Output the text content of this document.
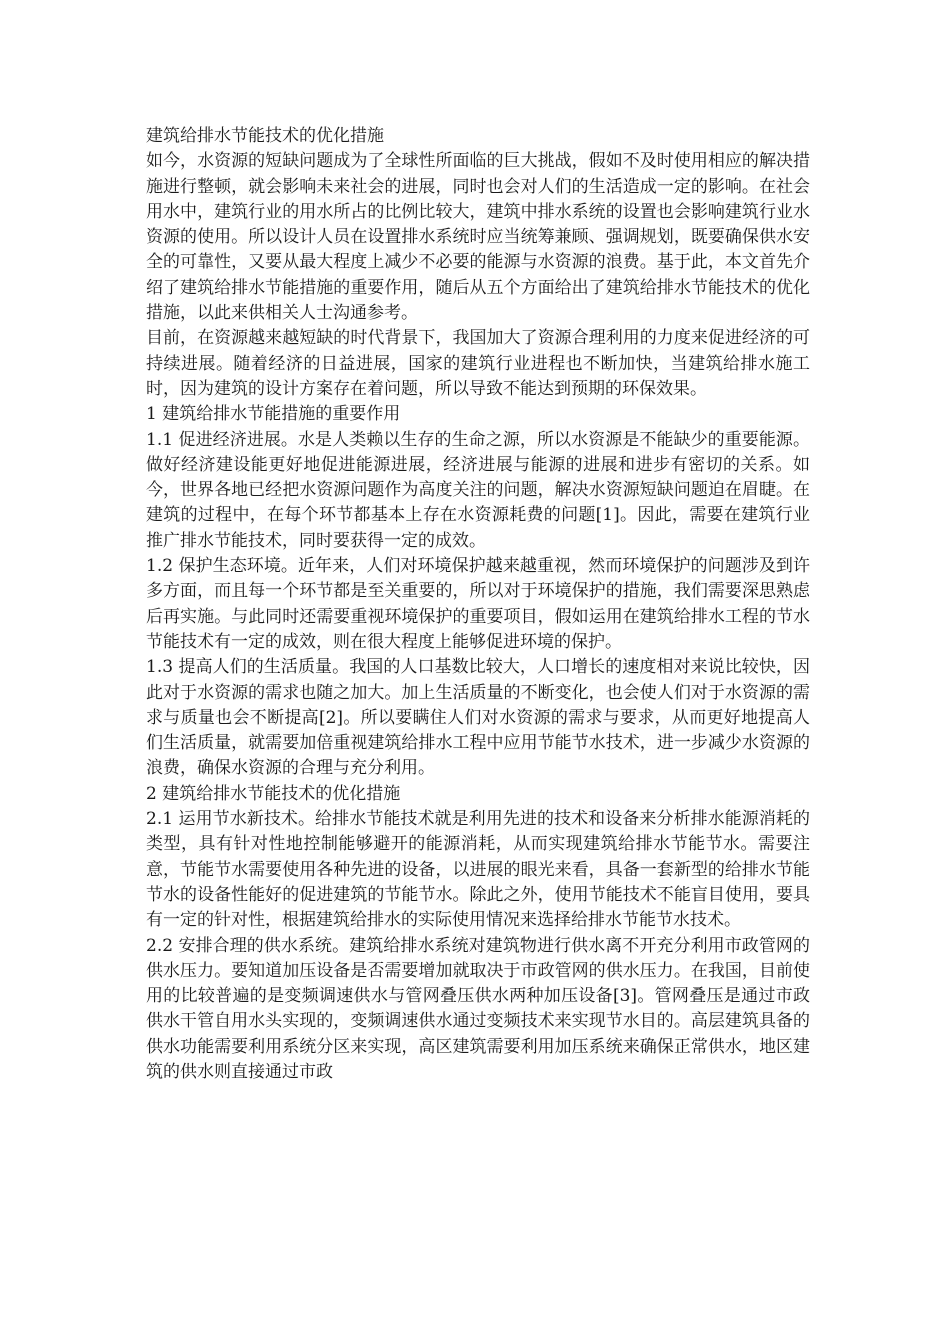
建筑给排水节能技术的优化措施

如今，水资源的短缺问题成为了全球性所面临的巨大挑战，假如不及时使用相应的解决措施进行整顿，就会影响未来社会的进展，同时也会对人们的生活造成一定的影响。在社会用水中，建筑行业的用水所占的比例比较大，建筑中排水系统的设置也会影响建筑行业水资源的使用。所以设计人员在设置排水系统时应当统筹兼顾、强调规划，既要确保供水安全的可靠性，又要从最大程度上减少不必要的能源与水资源的浪费。基于此，本文首先介绍了建筑给排水节能措施的重要作用，随后从五个方面给出了建筑给排水节能技术的优化措施，以此来供相关人士沟通参考。

目前，在资源越来越短缺的时代背景下，我国加大了资源合理利用的力度来促进经济的可持续进展。随着经济的日益进展，国家的建筑行业进程也不断加快，当建筑给排水施工时，因为建筑的设计方案存在着问题，所以导致不能达到预期的环保效果。

1 建筑给排水节能措施的重要作用

1.1 促进经济进展。水是人类赖以生存的生命之源，所以水资源是不能缺少的重要能源。做好经济建设能更好地促进能源进展，经济进展与能源的进展和进步有密切的关系。如今，世界各地已经把水资源问题作为高度关注的问题，解决水资源短缺问题迫在眉睫。在建筑的过程中，在每个环节都基本上存在水资源耗费的问题[1]。因此，需要在建筑行业推广排水节能技术，同时要获得一定的成效。

1.2 保护生态环境。近年来，人们对环境保护越来越重视，然而环境保护的问题涉及到许多方面，而且每一个环节都是至关重要的，所以对于环境保护的措施，我们需要深思熟虑后再实施。与此同时还需要重视环境保护的重要项目，假如运用在建筑给排水工程的节水节能技术有一定的成效，则在很大程度上能够促进环境的保护。

1.3 提高人们的生活质量。我国的人口基数比较大，人口增长的速度相对来说比较快，因此对于水资源的需求也随之加大。加上生活质量的不断变化，也会使人们对于水资源的需求与质量也会不断提高[2]。所以要瞒住人们对水资源的需求与要求，从而更好地提高人们生活质量，就需要加倍重视建筑给排水工程中应用节能节水技术，进一步减少水资源的浪费，确保水资源的合理与充分利用。

2 建筑给排水节能技术的优化措施

2.1 运用节水新技术。给排水节能技术就是利用先进的技术和设备来分析排水能源消耗的类型，具有针对性地控制能够避开的能源消耗，从而实现建筑给排水节能节水。需要注意，节能节水需要使用各种先进的设备，以进展的眼光来看，具备一套新型的给排水节能节水的设备性能好的促进建筑的节能节水。除此之外，使用节能技术不能盲目使用，要具有一定的针对性，根据建筑给排水的实际使用情况来选择给排水节能节水技术。

2.2 安排合理的供水系统。建筑给排水系统对建筑物进行供水离不开充分利用市政管网的供水压力。要知道加压设备是否需要增加就取决于市政管网的供水压力。在我国，目前使用的比较普遍的是变频调速供水与管网叠压供水两种加压设备[3]。管网叠压是通过市政供水干管自用水头实现的，变频调速供水通过变频技术来实现节水目的。高层建筑具备的供水功能需要利用系统分区来实现，高区建筑需要利用加压系统来确保正常供水，地区建筑的供水则直接通过市政
